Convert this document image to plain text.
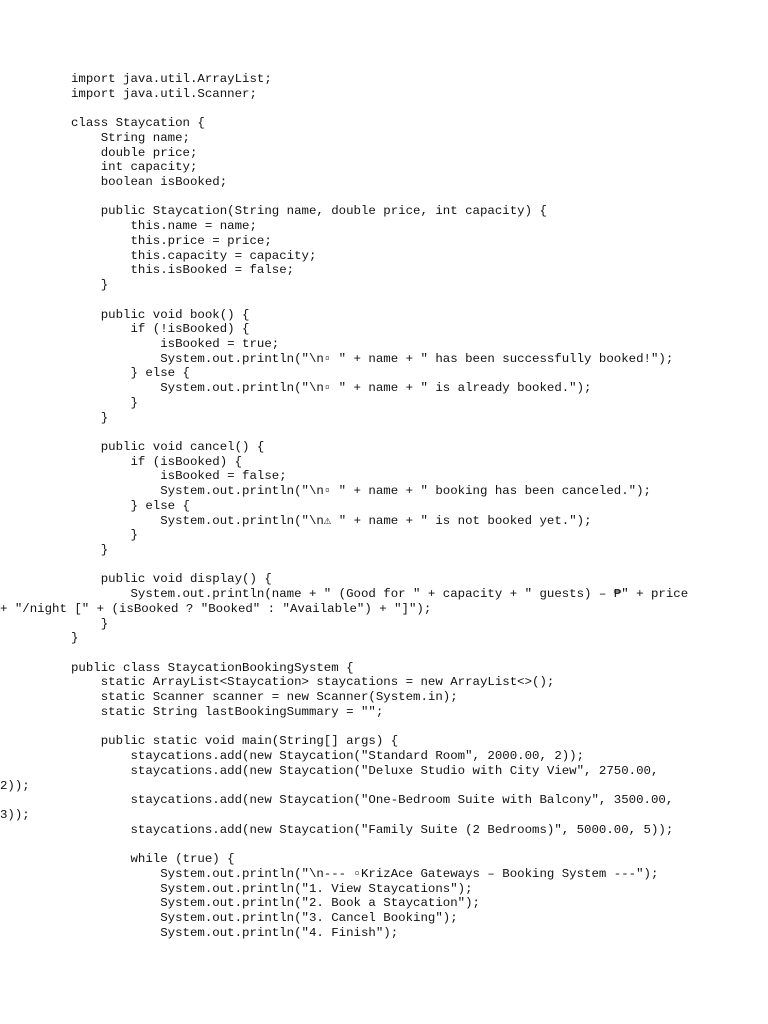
import java.util.ArrayList;
import java.util.Scanner;
class Staycation {
String name;
double price;
int capacity;
boolean isBooked;
public Staycation(String name, double price, int capacity) {
this.name = name;
this.price = price;
this.capacity = capacity;
this.isBooked = false;
}
public void book() {
if (!isBooked) {
isBooked = true;
System.out.println("\n▫ " + name + " has been successfully booked!");
} else {
System.out.println("\n▫ " + name + " is already booked.");
}
}
public void cancel() {
if (isBooked) {
isBooked = false;
System.out.println("\n▫ " + name + " booking has been canceled.");
} else {
System.out.println("\n⚠ " + name + " is not booked yet.");
}
}
public void display() {
System.out.println(name + " (Good for " + capacity + " guests) – ₱" + price
+ "/night [" + (isBooked ? "Booked" : "Available") + "]");
}
}
public class StaycationBookingSystem {
static ArrayList<Staycation> staycations = new ArrayList<>();
static Scanner scanner = new Scanner(System.in);
static String lastBookingSummary = "";
public static void main(String[] args) {
staycations.add(new Staycation("Standard Room", 2000.00, 2));
staycations.add(new Staycation("Deluxe Studio with City View", 2750.00,
2));
staycations.add(new Staycation("One-Bedroom Suite with Balcony", 3500.00,
3));
staycations.add(new Staycation("Family Suite (2 Bedrooms)", 5000.00, 5));
while (true) {
System.out.println("\n--- ▫KrizAce Gateways – Booking System ---");
System.out.println("1. View Staycations");
System.out.println("2. Book a Staycation");
System.out.println("3. Cancel Booking");
System.out.println("4. Finish");
